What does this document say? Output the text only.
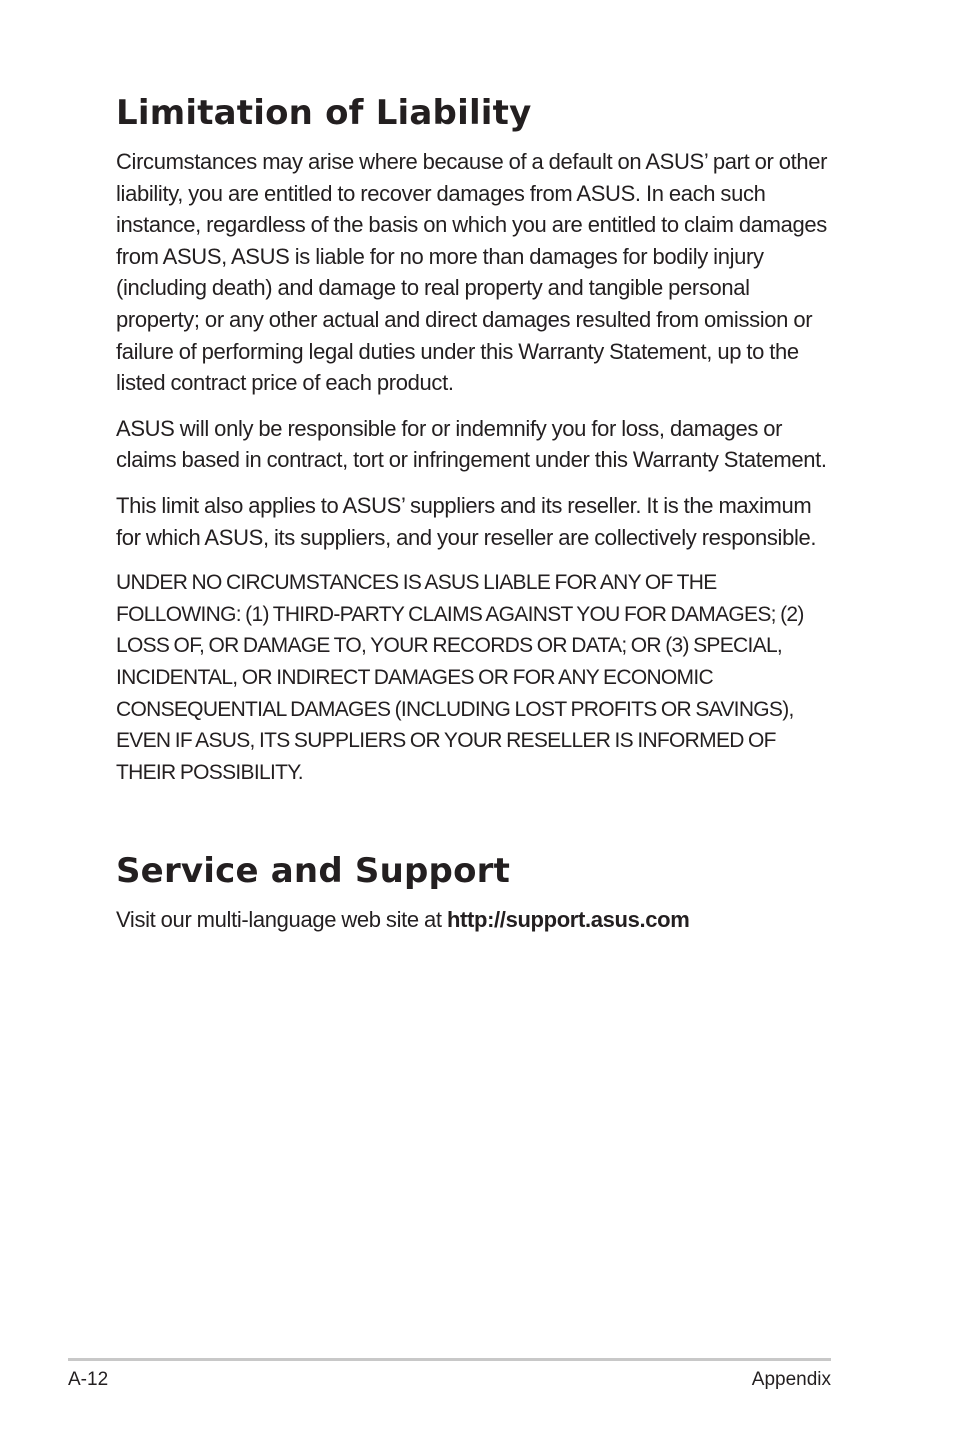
Limitation of Liability

Circumstances may arise where because of a default on ASUS’ part or other liability, you are entitled to recover damages from ASUS. In each such instance, regardless of the basis on which you are entitled to claim damages from ASUS, ASUS is liable for no more than damages for bodily injury (including death) and damage to real property and tangible personal property; or any other actual and direct damages resulted from omission or failure of performing legal duties under this Warranty Statement, up to the listed contract price of each product.

ASUS will only be responsible for or indemnify you for loss, damages or claims based in contract, tort or infringement under this Warranty Statement.

This limit also applies to ASUS’ suppliers and its reseller. It is the maximum for which ASUS, its suppliers, and your reseller are collectively responsible.

UNDER NO CIRCUMSTANCES IS ASUS LIABLE FOR ANY OF THE FOLLOWING: (1) THIRD-PARTY CLAIMS AGAINST YOU FOR DAMAGES; (2) LOSS OF, OR DAMAGE TO, YOUR RECORDS OR DATA; OR (3) SPECIAL, INCIDENTAL, OR INDIRECT DAMAGES OR FOR ANY ECONOMIC CONSEQUENTIAL DAMAGES (INCLUDING LOST PROFITS OR SAVINGS), EVEN IF ASUS, ITS SUPPLIERS OR YOUR RESELLER IS INFORMED OF THEIR POSSIBILITY.

Service and Support

Visit our multi-language web site at http://support.asus.com

A-12	Appendix
